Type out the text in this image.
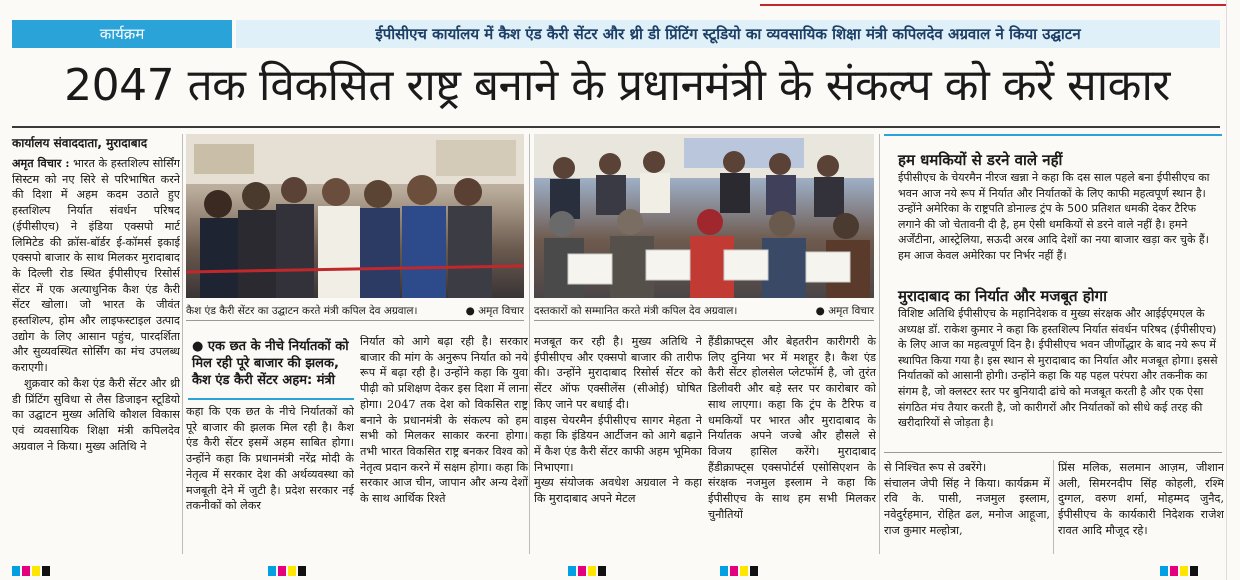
कार्यक्रम	ईपीसीएच कार्यालय में कैश एंड कैरी सेंटर और थ्री डी प्रिंटिंग स्टूडियो का व्यवसायिक शिक्षा मंत्री कपिलदेव अग्रवाल ने किया उद्घाटन
2047 तक विकसित राष्ट्र बनाने के प्रधानमंत्री के संकल्प को करें साकार
कार्यालय संवाददाता, मुरादाबाद
अमृत विचार : भारत के हस्तशिल्प सोर्सिंग सिस्टम को नए सिरे से परिभाषित करने की दिशा में अहम कदम उठाते हुए हस्तशिल्प निर्यात संवर्धन परिषद (ईपीसीएच) ने इंडिया एक्सपो मार्ट लिमिटेड की क्रॉस-बॉर्डर ई-कॉमर्स इकाई एक्सपो बाजार के साथ मिलकर मुरादाबाद के दिल्ली रोड स्थित ईपीसीएच रिसोर्स सेंटर में एक अत्याधुनिक कैश एंड कैरी सेंटर खोला। जो भारत के जीवंत हस्तशिल्प, होम और लाइफस्टाइल उत्पाद उद्योग के लिए आसान पहुंच, पारदर्शिता और सुव्यवस्थित सोर्सिंग का मंच उपलब्ध कराएगी।
शुक्रवार को कैश एंड कैरी सेंटर और थ्री डी प्रिंटिंग सुविधा से लैस डिजाइन स्टूडियो का उद्घाटन मुख्य अतिथि कौशल विकास एवं व्यवसायिक शिक्षा मंत्री कपिलदेव अग्रवाल ने किया। मुख्य अतिथि ने
कैश एंड कैरी सेंटर का उद्घाटन करते मंत्री कपिल देव अग्रवाल।	● अमृत विचार दस्तकारों को सम्मानित करते मंत्री कपिल देव अग्रवाल।	● अमृत विचार
● एक छत के नीचे निर्यातकों को मिल रही पूरे बाजार की झलक, कैश एंड कैरी सेंटर अहम: मंत्री
कहा कि एक छत के नीचे निर्यातकों को पूरे बाजार की झलक मिल रही है। कैश एंड कैरी सेंटर इसमें अहम साबित होगा। उन्होंने कहा कि प्रधानमंत्री नरेंद्र मोदी के नेतृत्व में सरकार देश की अर्थव्यवस्था को मजबूती देने में जुटी है। प्रदेश सरकार नई तकनीकों को लेकर
निर्यात को आगे बढ़ा रही है। सरकार बाजार की मांग के अनुरूप निर्यात को नये रूप में बढ़ा रही है। उन्होंने कहा कि युवा पीढ़ी को प्रशिक्षण देकर इस दिशा में लाना होगा। 2047 तक देश को विकसित राष्ट्र बनाने के प्रधानमंत्री के संकल्प को हम सभी को मिलकर साकार करना होगा। तभी भारत विकसित राष्ट्र बनकर विश्व को नेतृत्व प्रदान करने में सक्षम होगा। कहा कि सरकार आज चीन, जापान और अन्य देशों के साथ आर्थिक रिश्ते
मजबूत कर रही है। मुख्य अतिथि ने ईपीसीएच और एक्सपो बाजार की तारीफ की। उन्होंने मुरादाबाद रिसोर्स सेंटर को सेंटर ऑफ एक्सीलेंस (सीओई) घोषित किए जाने पर बधाई दी।
वाइस चेयरमैन ईपीसीएच सागर मेहता ने कहा कि इंडियन आर्टीजन को आगे बढ़ाने में कैश एंड कैरी सेंटर काफी अहम भूमिका निभाएगा।
मुख्य संयोजक अवधेश अग्रवाल ने कहा कि मुरादाबाद अपने मेटल
हैंडीक्राफ्ट्स और बेहतरीन कारीगरी के लिए दुनिया भर में मशहूर है। कैश एंड कैरी सेंटर होलसेल प्लेटफॉर्म है, जो तुरंत डिलीवरी और बड़े स्तर पर कारोबार को साथ लाएगा। कहा कि ट्रंप के टैरिफ व धमकियों पर भारत और मुरादाबाद के निर्यातक अपने जज्बे और हौसले से विजय हासिल करेंगे। मुरादाबाद हैंडीक्राफ्ट्स एक्सपोर्टर्स एसोसिएशन के संरक्षक नजमुल इस्लाम ने कहा कि ईपीसीएच के साथ हम सभी मिलकर चुनौतियों
हम धमकियों से डरने वाले नहीं
ईपीसीएच के चेयरमैन नीरज खन्ना ने कहा कि दस साल पहले बना ईपीसीएच का भवन आज नये रूप में निर्यात और निर्यातकों के लिए काफी महत्वपूर्ण स्थान है। उन्होंने अमेरिका के राष्ट्रपति डोनाल्ड ट्रंप के 500 प्रतिशत धमकी देकर टैरिफ लगाने की जो चेतावनी दी है, हम ऐसी धमकियों से डरने वाले नहीं है। हमने अर्जेंटीना, आस्ट्रेलिया, सऊदी अरब आदि देशों का नया बाजार खड़ा कर चुके हैं। हम आज केवल अमेरिका पर निर्भर नहीं हैं।
मुरादाबाद का निर्यात और मजबूत होगा
विशिष्ट अतिथि ईपीसीएच के महानिदेशक व मुख्य संरक्षक और आईईएमएल के अध्यक्ष डॉ. राकेश कुमार ने कहा कि हस्तशिल्प निर्यात संवर्धन परिषद (ईपीसीएच) के लिए आज का महत्वपूर्ण दिन है। ईपीसीएच भवन जीर्णोद्धार के बाद नये रूप में स्थापित किया गया है। इस स्थान से मुरादाबाद का निर्यात और मजबूत होगा। इससे निर्यातकों को आसानी होगी। उन्होंने कहा कि यह पहल परंपरा और तकनीक का संगम है, जो क्लस्टर स्तर पर बुनियादी ढांचे को मजबूत करती है और एक ऐसा संगठित मंच तैयार करती है, जो कारीगरों और निर्यातकों को सीधे कई तरह की खरीदारियों से जोड़ता है।
से निश्चित रूप से उबरेंगे।
संचालन जेपी सिंह ने किया। कार्यक्रम में रवि के. पासी, नजमुल इस्लाम, नवेदुर्रहमान, रोहित ढल, मनोज आहूजा, राज कुमार मल्होत्रा,
प्रिंस मलिक, सलमान आज़म, जीशान अली, सिमरनदीप सिंह कोहली, रश्मि दुग्गल, वरुण शर्मा, मोहम्मद जुनैद, ईपीसीएच के कार्यकारी निदेशक राजेश रावत आदि मौजूद रहे।
